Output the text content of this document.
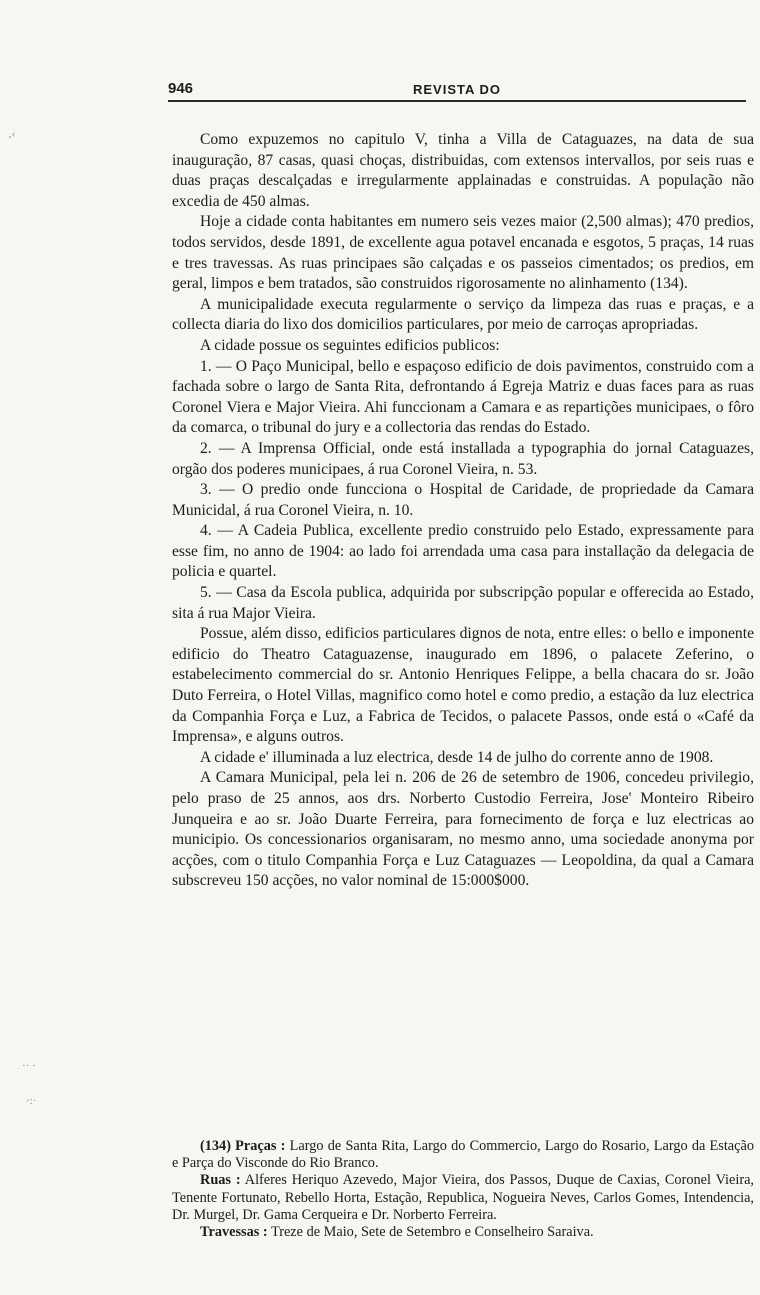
946	REVISTA DO
‚‹
·· ·
·:·

Como expuzemos no capitulo V, tinha a Villa de Cataguazes, na data de sua inauguração, 87 casas, quasi choças, distribuidas, com extensos intervallos, por seis ruas e duas praças descalçadas e irregularmente applainadas e construidas. A população não excedia de 450 almas.

Hoje a cidade conta habitantes em numero seis vezes maior (2,500 almas); 470 predios, todos servidos, desde 1891, de excellente agua potavel encanada e esgotos, 5 praças, 14 ruas e tres travessas. As ruas principaes são calçadas e os passeios cimentados; os predios, em geral, limpos e bem tratados, são construidos rigorosamente no alinhamento (134).

A municipalidade executa regularmente o serviço da limpeza das ruas e praças, e a collecta diaria do lixo dos domicilios particulares, por meio de carroças apropriadas.

A cidade possue os seguintes edificios publicos:

1. — O Paço Municipal, bello e espaçoso edificio de dois pavimentos, construido com a fachada sobre o largo de Santa Rita, defrontando á Egreja Matriz e duas faces para as ruas Coronel Viera e Major Vieira. Ahi funccionam a Camara e as repartições municipaes, o fôro da comarca, o tribunal do jury e a collectoria das rendas do Estado.

2. — A Imprensa Official, onde está installada a typographia do jornal Cataguazes, orgão dos poderes municipaes, á rua Coronel Vieira, n. 53.

3. — O predio onde funcciona o Hospital de Caridade, de propriedade da Camara Municidal, á rua Coronel Vieira, n. 10.

4. — A Cadeia Publica, excellente predio construido pelo Estado, expressamente para esse fim, no anno de 1904: ao lado foi arrendada uma casa para installação da delegacia de policia e quartel.

5. — Casa da Escola publica, adquirida por subscripção popular e offerecida ao Estado, sita á rua Major Vieira.

Possue, além disso, edificios particulares dignos de nota, entre elles: o bello e imponente edificio do Theatro Cataguazense, inaugurado em 1896, o palacete Zeferino, o estabelecimento commercial do sr. Antonio Henriques Felippe, a bella chacara do sr. João Duto Ferreira, o Hotel Villas, magnifico como hotel e como predio, a estação da luz electrica da Companhia Força e Luz, a Fabrica de Tecidos, o palacete Passos, onde está o «Café da Imprensa», e alguns outros.

A cidade e' illuminada a luz electrica, desde 14 de julho do corrente anno de 1908.

A Camara Municipal, pela lei n. 206 de 26 de setembro de 1906, concedeu privilegio, pelo praso de 25 annos, aos drs. Norberto Custodio Ferreira, Jose' Monteiro Ribeiro Junqueira e ao sr. João Duarte Ferreira, para fornecimento de força e luz electricas ao municipio. Os concessionarios organisaram, no mesmo anno, uma sociedade anonyma por acções, com o titulo Companhia Força e Luz Cataguazes — Leopoldina, da qual a Camara subscreveu 150 acções, no valor nominal de 15:000$000.

(134) Praças : Largo de Santa Rita, Largo do Commercio, Largo do Rosario, Largo da Estação e Parça do Visconde do Rio Branco.

Ruas : Alferes Heriquo Azevedo, Major Vieira, dos Passos, Duque de Caxias, Coronel Vieira, Tenente Fortunato, Rebello Horta, Estação, Republica, Nogueira Neves, Carlos Gomes, Intendencia, Dr. Murgel, Dr. Gama Cerqueira e Dr. Norberto Ferreira.

Travessas : Treze de Maio, Sete de Setembro e Conselheiro Saraiva.
